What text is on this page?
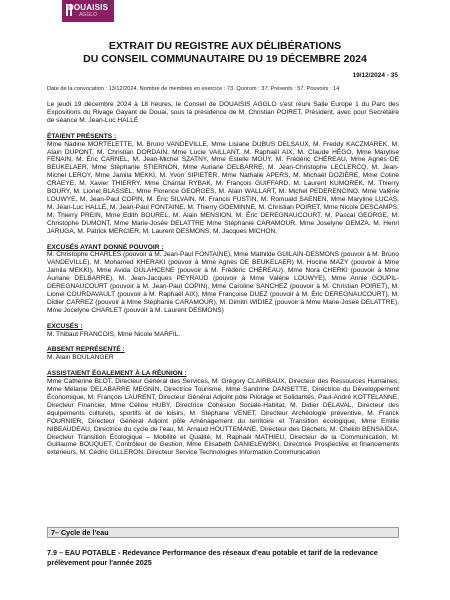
DOUAISIS
AGGLO
EXTRAIT DU REGISTRE AUX DÉLIBÉRATIONS
DU CONSEIL COMMUNAUTAIRE DU 19 DÉCEMBRE 2024
19/12/2024 - 35
Date de la convocation : 13/12/2024. Nombre de membres en exercice : 73. Quorum : 37. Présents : 57. Pouvoirs : 14

Le jeudi 19 décembre 2024 à 18 heures, le Conseil de DOUAISIS AGGLO s'est réuni Salle Europe 1 du Parc des Expositions du Rivage Gayant de Douai, sous la présidence de M. Christian POIRET, Président, avec pour Secrétaire de séance M. Jean-Luc HALLÉ

ÉTAIENT PRÉSENTS :

Mme Nadine MORTELETTE, M. Bruno VANDEVILLE, Mme Lisiane DUBUS DELSAUX, M. Freddy KACZMAREK, M. Alain DUPONT, M. Christian DORDAIN, Mme Lucie VAILLANT, M. Raphaël AIX, M. Claude HÉGO, Mme Marylise FENAIN, M. Éric CARNEL, M. Jean-Michel SZATNY, Mme Estelle MOUY, M. Frédéric CHÉREAU, Mme Agnès DE BEUKELAER, Mme Stéphanie STIERNON, Mme Auriane DELBARRE, M. Jean-Christophe LECLERCQ, M. Jean-Michel LEROY, Mme Jamila MEKKI, M. Yvon SIPIETER, Mme Nathalie APERS, M. Michaël DOZIÈRE, Mme Coline CRAEYE, M. Xavier THIERRY, Mme Chantal RYBAK, M. François GUIFFARD, M. Laurent KUMOREK, M. Thierry BOURY, M. Lionel BLASSEL, Mme Florence GEORGES, M. Alain WALLART, M. Michel PEDERENCINO, Mme Valérie LOUWYE, M. Jean-Paul COPIN, M. Éric SILVAIN, M. Francis FUSTIN, M. Romuald SAENEN, Mme Maryline LUCAS, M. Jean-Luc HALLÉ, M. Jean-Paul FONTAINE, M. Thierry GOEMINNE, M. Christian POIRET, Mme Nicole DESCAMPS, M. Thierry PREIN, Mme Edith BOUREL, M. Alain MENSION, M. Éric DEREGNAUCOURT, M. Pascal GEORGE, M. Christophe DUMONT, Mme Marie-Josée DELATTRE Mme Stéphanie CARAMOUR, Mme Joselyne GEMZA, M. Henri JARUGA, M. Patrick MERCIER, M. Laurent DESMONS, M. Jacques MICHON.

EXCUSÉS AYANT DONNÉ POUVOIR :

M. Christophe CHARLES (pouvoir à M. Jean-Paul FONTAINE), Mme Mathilde GUILAIN-DESMONS (pouvoir à M. Bruno VANDEVILLE), M. Mohamed KHERAKI (pouvoir à Mme Agnès DE BEUKELAER) M. Hocine MAZY (pouvoir à Mme Jamila MEKKI), Mme Avida OULAHCENE (pouvoir à M. Frédéric CHÉREAU), Mme Nora CHERKI (pouvoir à Mme Auriane DELBARRE), M. Jean-Jacques PEYRAUD (pouvoir à Mme Valérie LOUWYE), Mme Annie GOUPIL-DEREGNAUCOURT (pouvoir à M. Jean-Paul COPIN), Mme Caroline SANCHEZ (pouvoir à M. Christian POIRET), M. Lionel COURDAVAULT (pouvoir à M. Raphaël AIX), Mme Françoise DUEZ (pouvoir à M. Éric DEREGNAUCOURT), M. Didier CARREZ (pouvoir à Mme Stéphanie CARAMOUR), M. Dimitri WIDIEZ (pouvoir à Mme Marie-Josée DELATTRE), Mme Jocelyne CHARLET (pouvoir à M. Laurent DESMONS)

EXCUSÉS :

M. Thibaut FRANCOIS, Mme Nicole MARFIL.

ABSENT REPRÉSENTÉ :

M. Alain BOULANGER

ASSISTAIENT ÉGALEMENT À LA RÉUNION :

Mme Catherine BLOT, Directeur Général des Services, M. Grégory CLAIRBAUX, Directeur des Ressources Humaines, Mme Mélanie DELABARRE MEGNIN, Directrice Tourisme, Mme Sandrine DANSETTE, Directrice du Développement Économique, M. François LAURENT, Directeur Général Adjoint pôle Pilotage et Solidarités, Paul-André KOTTELANNE, Directeur Financier, Mme Céline HUBY, Directrice Cohésion Sociale-Habitat, M. Didier DELAVAL, Directeur des équipements culturels, sportifs et de loisirs, M. Stéphane VENET, Directeur Archéologie préventive, M. Franck FOURNIER, Directeur Général Adjoint pôle Aménagement du territoire et Transition écologique, Mme Emilie NIBEAUDEAU, Directrice du cycle de l'eau, M. Arnaud HOUTTEMANE, Directeur des Déchets, M. Chékib BENSAIDIA, Directeur Transition Écologique – Mobilité et Qualité, M. Raphaël MATHIEU, Directeur de la Communication, M. Guillaume BOUQUET, Contrôleur de Gestion, Mme Elisabeth DANIELEWSKI, Directrice Prospective et financements extérieurs, M. Cédric GILLERON, Directeur Service Technologies Information Communication

7– Cycle de l'eau
7.9 – EAU POTABLE - Redevance Performance des réseaux d'eau potable et tarif de la redevance prélèvement pour l'année 2025
